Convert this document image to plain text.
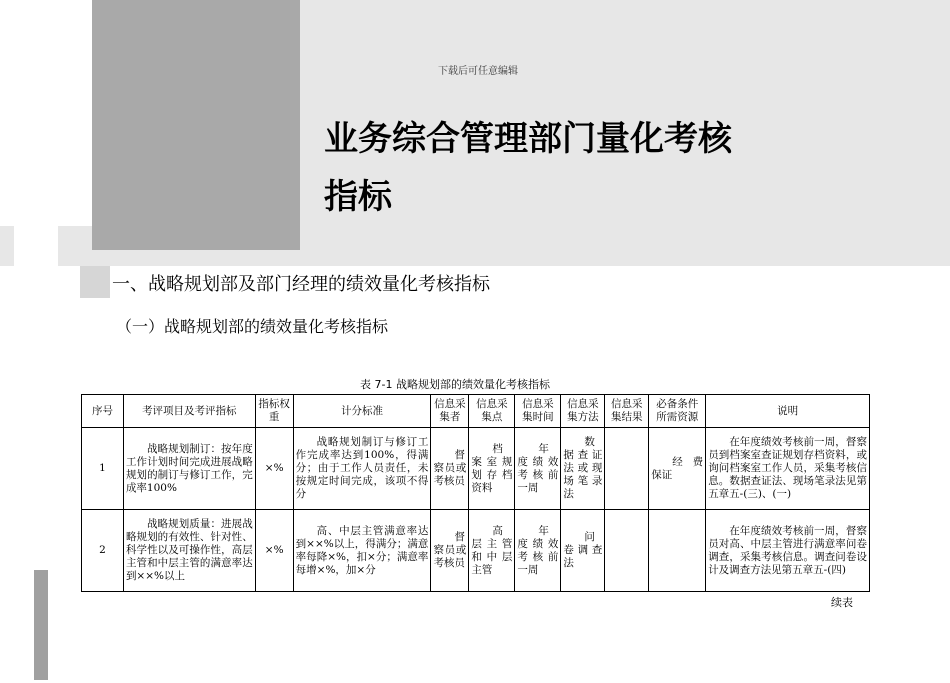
下载后可任意编辑
业务综合管理部门量化考核
指标
一、战略规划部及部门经理的绩效量化考核指标
（一）战略规划部的绩效量化考核指标
表 7-1 战略规划部的绩效量化考核指标
序号	考评项目及考评指标	指标权重	计分标准	信息采集者	信息采集点	信息采集时间	信息采集方法	信息采集结果	必备条件所需资源	说明
1	战略规划制订：按年度工作计划时间完成进展战略规划的制订与修订工作，完成率100%	×%	战略规划制订与修订工作完成率达到100%，得满分；由于工作人员责任，未按规定时间完成，该项不得分	督察员或考核员	档案室规划存档资料	年度绩效考核前一周	数据查证法或现场笔录法		经费保证	在年度绩效考核前一周，督察员到档案室查证规划存档资料，或询问档案室工作人员，采集考核信息。数据查证法、现场笔录法见第五章五-(三)、(一)
2	战略规划质量：进展战略规划的有效性、针对性、科学性以及可操作性，高层主管和中层主管的满意率达到××%以上	×%	高、中层主管满意率达到××%以上，得满分；满意率每降×%，扣×分；满意率每增×%，加×分	督察员或考核员	高层主管和中层主管	年度绩效考核前一周	问卷调查法			在年度绩效考核前一周，督察员对高、中层主管进行满意率问卷调查，采集考核信息。调查问卷设计及调查方法见第五章五-(四)
续表
